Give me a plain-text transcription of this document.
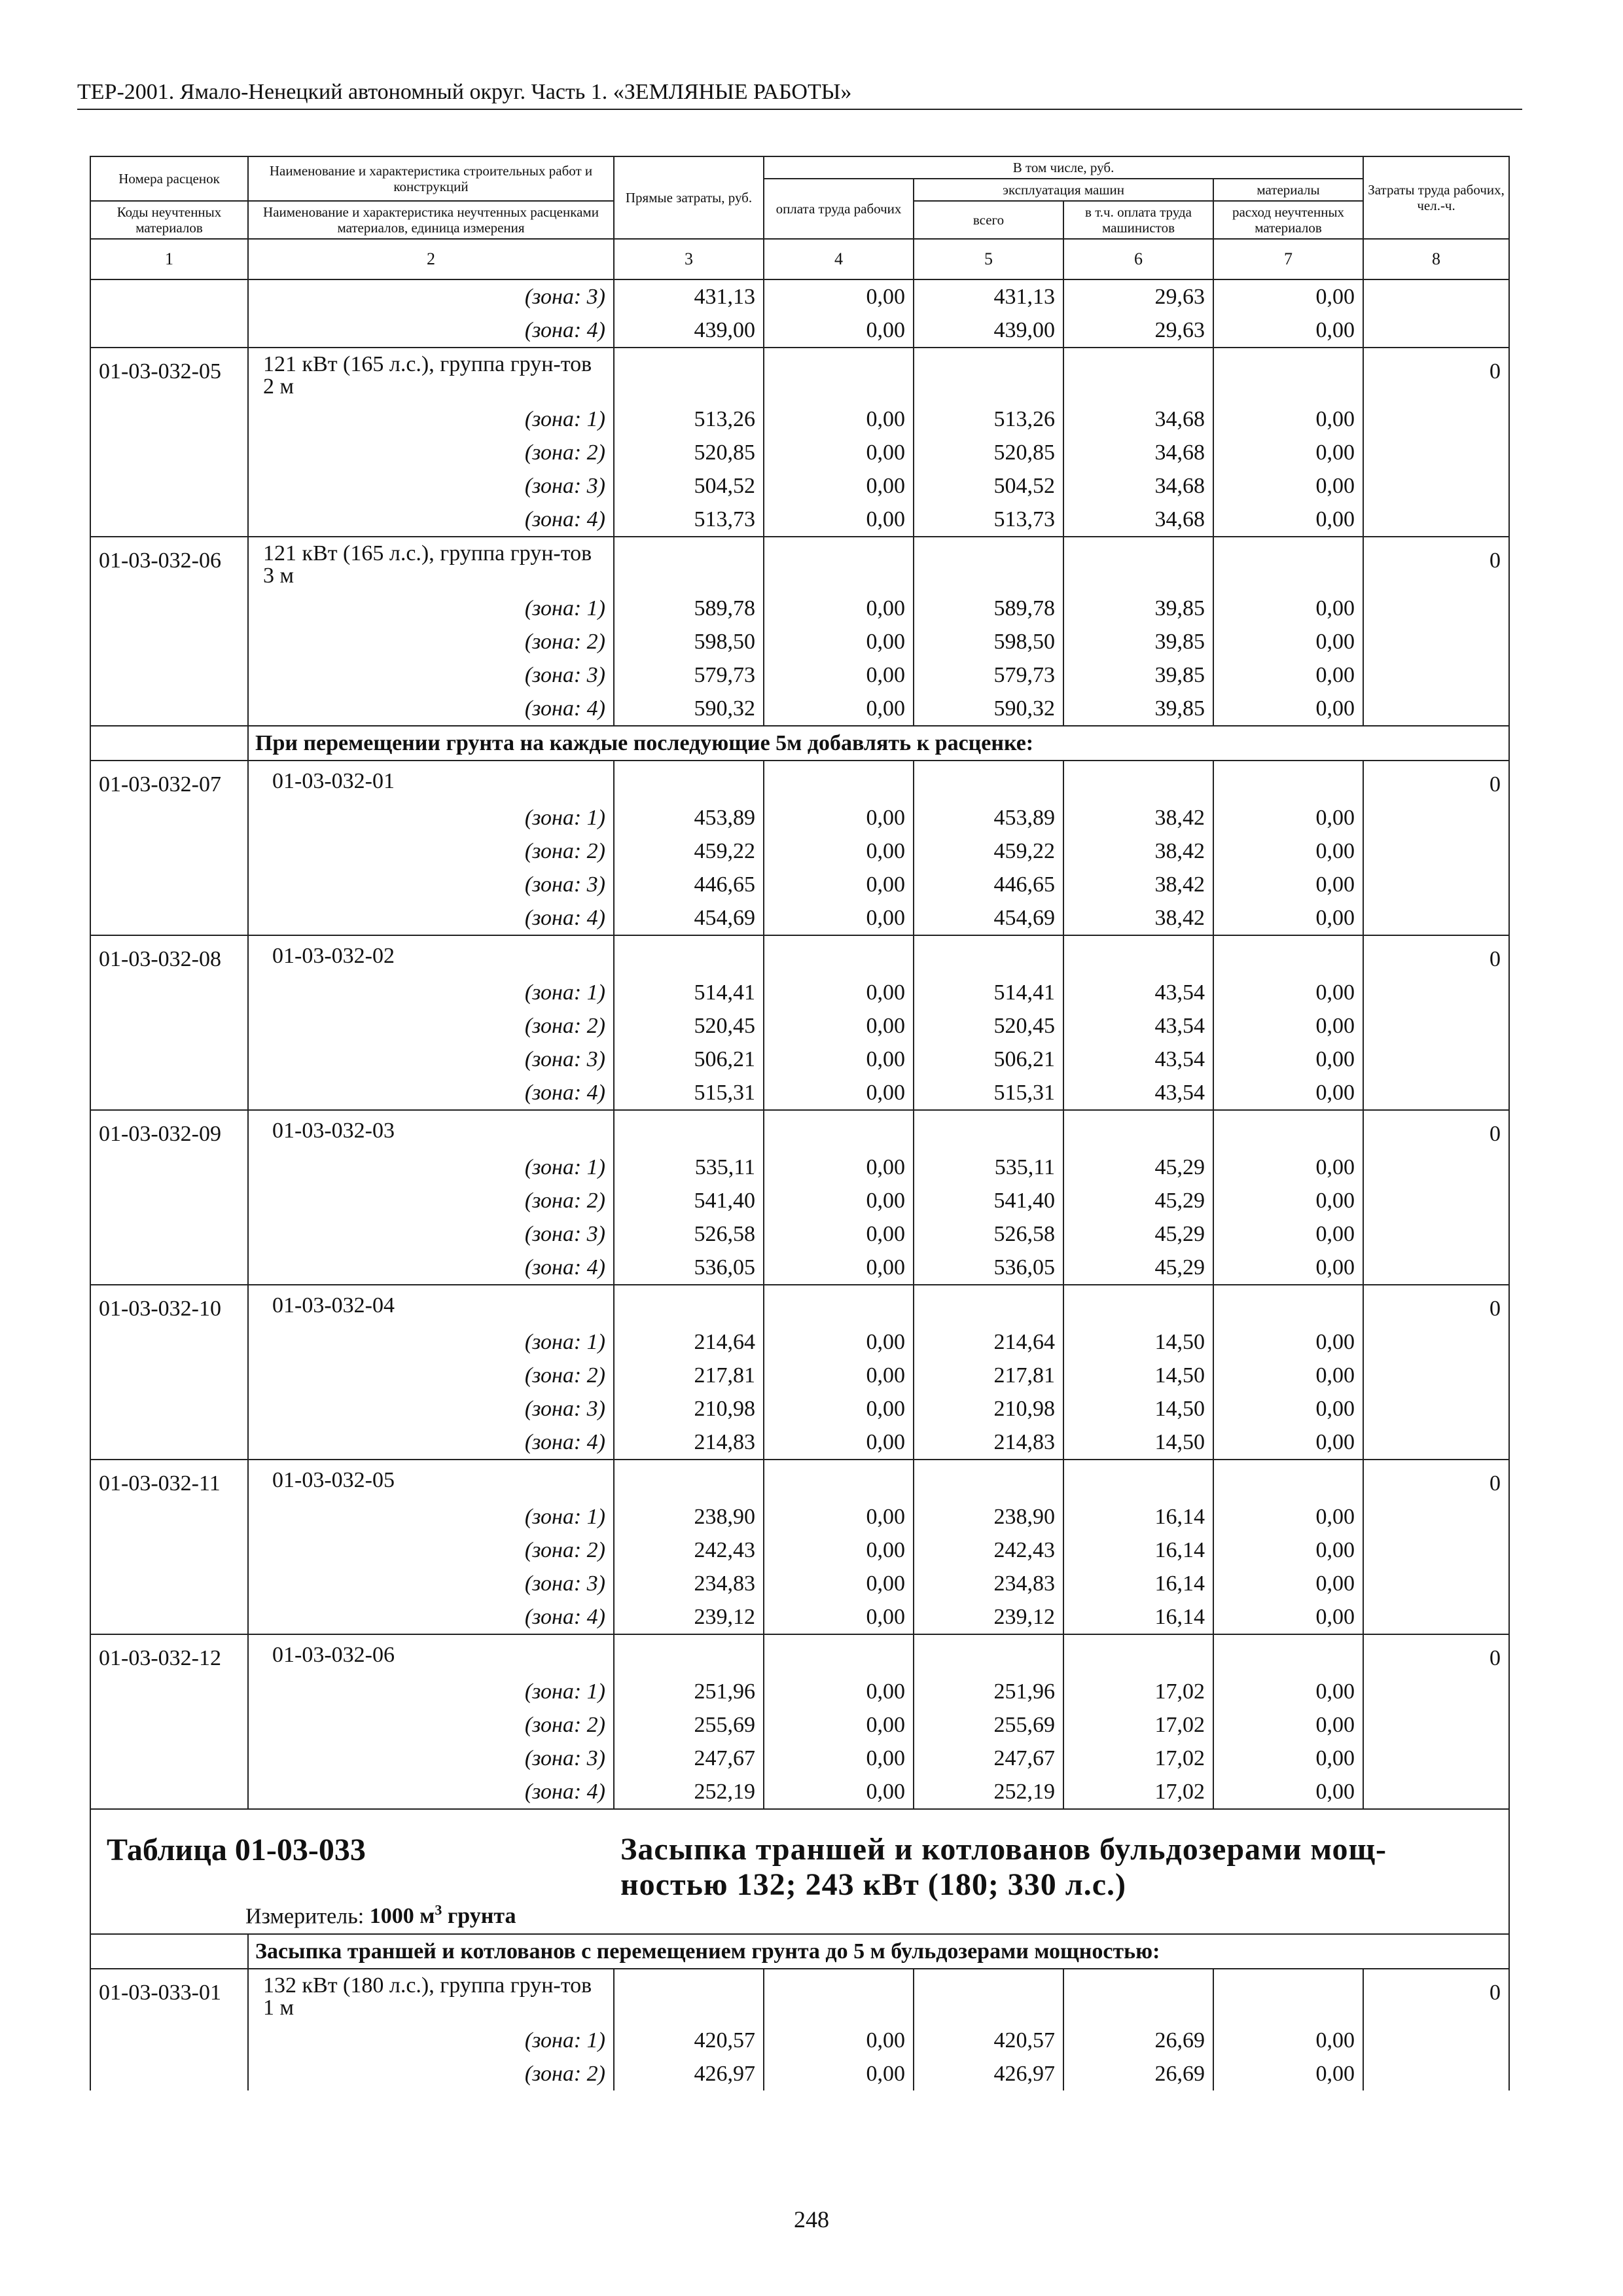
ТЕР-2001. Ямало-Ненецкий автономный округ. Часть 1. «ЗЕМЛЯНЫЕ РАБОТЫ»
Номера расценок	Наименование и характеристика строительных работ и конструкций	Прямые затраты, руб.	В том числе, руб.				Затраты труда рабочих, чел.-ч.
			оплата труда рабочих	эксплуатация машин		материалы	
Коды неучтенных материалов	Наименование и характеристика неучтенных расценками материалов, единица измерения			всего	в т.ч. оплата труда машинистов	расход неучтенных материалов	
1	2	3	4	5	6	7	8
	(зона: 3)	431,13	0,00	431,13	29,63	0,00	
	(зона: 4)	439,00	0,00	439,00	29,63	0,00	
01-03-032-05	121 кВт (165 л.с.), группа грун-тов 2 м						0
	(зона: 1)	513,26	0,00	513,26	34,68	0,00	
	(зона: 2)	520,85	0,00	520,85	34,68	0,00	
	(зона: 3)	504,52	0,00	504,52	34,68	0,00	
	(зона: 4)	513,73	0,00	513,73	34,68	0,00	
01-03-032-06	121 кВт (165 л.с.), группа грун-тов 3 м						0
	(зона: 1)	589,78	0,00	589,78	39,85	0,00	
	(зона: 2)	598,50	0,00	598,50	39,85	0,00	
	(зона: 3)	579,73	0,00	579,73	39,85	0,00	
	(зона: 4)	590,32	0,00	590,32	39,85	0,00	
	При перемещении грунта на каждые последующие 5м добавлять к расценке:						
01-03-032-07	01-03-032-01						0
	(зона: 1)	453,89	0,00	453,89	38,42	0,00	
	(зона: 2)	459,22	0,00	459,22	38,42	0,00	
	(зона: 3)	446,65	0,00	446,65	38,42	0,00	
	(зона: 4)	454,69	0,00	454,69	38,42	0,00	
01-03-032-08	01-03-032-02						0
	(зона: 1)	514,41	0,00	514,41	43,54	0,00	
	(зона: 2)	520,45	0,00	520,45	43,54	0,00	
	(зона: 3)	506,21	0,00	506,21	43,54	0,00	
	(зона: 4)	515,31	0,00	515,31	43,54	0,00	
01-03-032-09	01-03-032-03						0
	(зона: 1)	535,11	0,00	535,11	45,29	0,00	
	(зона: 2)	541,40	0,00	541,40	45,29	0,00	
	(зона: 3)	526,58	0,00	526,58	45,29	0,00	
	(зона: 4)	536,05	0,00	536,05	45,29	0,00	
01-03-032-10	01-03-032-04						0
	(зона: 1)	214,64	0,00	214,64	14,50	0,00	
	(зона: 2)	217,81	0,00	217,81	14,50	0,00	
	(зона: 3)	210,98	0,00	210,98	14,50	0,00	
	(зона: 4)	214,83	0,00	214,83	14,50	0,00	
01-03-032-11	01-03-032-05						0
	(зона: 1)	238,90	0,00	238,90	16,14	0,00	
	(зона: 2)	242,43	0,00	242,43	16,14	0,00	
	(зона: 3)	234,83	0,00	234,83	16,14	0,00	
	(зона: 4)	239,12	0,00	239,12	16,14	0,00	
01-03-032-12	01-03-032-06						0
	(зона: 1)	251,96	0,00	251,96	17,02	0,00	
	(зона: 2)	255,69	0,00	255,69	17,02	0,00	
	(зона: 3)	247,67	0,00	247,67	17,02	0,00	
	(зона: 4)	252,19	0,00	252,19	17,02	0,00	

Таблица 01-03-033
Измеритель: 1000 $м^3$ грунта		Засыпка траншей и котлованов бульдозерами мощ-ностью 132; 243 кВт (180; 330 л.с.)					

	Засыпка траншей и котлованов с перемещением грунта до 5 м бульдозерами мощностью:						
01-03-033-01	132 кВт (180 л.с.), группа грун-тов 1 м						0
	(зона: 1)	420,57	0,00	420,57	26,69	0,00	
	(зона: 2)	426,97	0,00	426,97	26,69	0,00	
248
